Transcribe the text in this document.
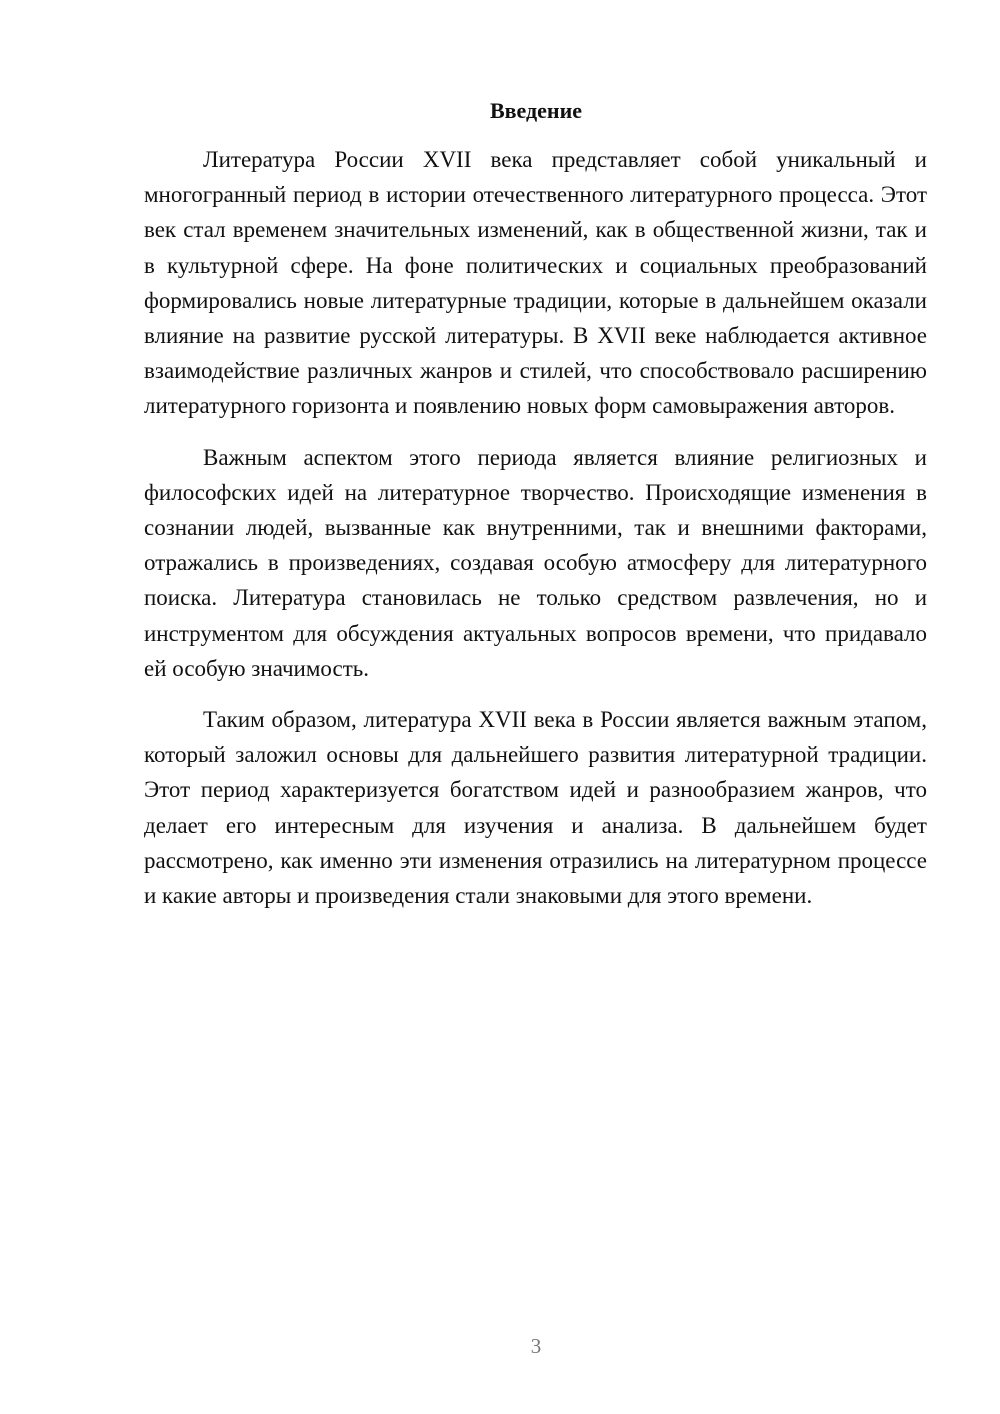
Введение

Литература России XVII века представляет собой уникальный и многогранный период в истории отечественного литературного процесса. Этот век стал временем значительных изменений, как в общественной жизни, так и в культурной сфере. На фоне политических и социальных преобразований формировались новые литературные традиции, которые в дальнейшем оказали влияние на развитие русской литературы. В XVII веке наблюдается активное взаимодействие различных жанров и стилей, что способствовало расширению литературного горизонта и появлению новых форм самовыражения авторов.

Важным аспектом этого периода является влияние религиозных и философских идей на литературное творчество. Происходящие изменения в сознании людей, вызванные как внутренними, так и внешними факторами, отражались в произведениях, создавая особую атмосферу для литературного поиска. Литература становилась не только средством развлечения, но и инструментом для обсуждения актуальных вопросов времени, что придавало ей особую значимость.

Таким образом, литература XVII века в России является важным этапом, который заложил основы для дальнейшего развития литературной традиции. Этот период характеризуется богатством идей и разнообразием жанров, что делает его интересным для изучения и анализа. В дальнейшем будет рассмотрено, как именно эти изменения отразились на литературном процессе и какие авторы и произведения стали знаковыми для этого времени.

3
